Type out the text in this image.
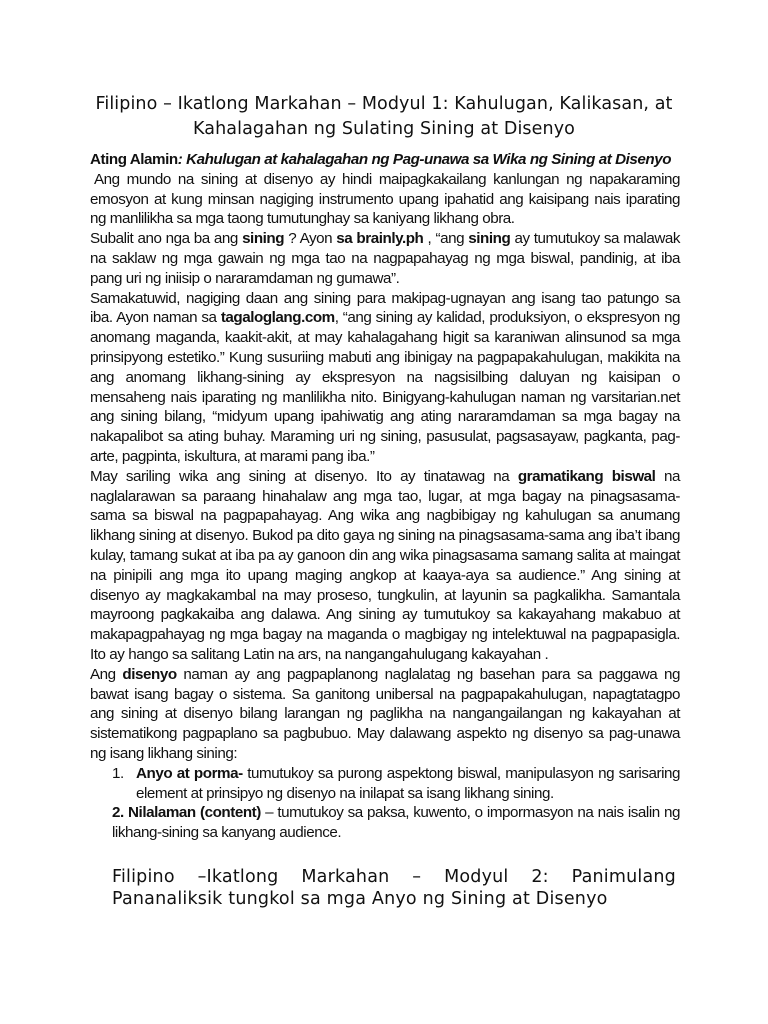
Filipino – Ikatlong Markahan – Modyul 1: Kahulugan, Kalikasan, at Kahalagahan ng Sulating Sining at Disenyo

Ating Alamin: Kahulugan at kahalagahan ng Pag-unawa sa Wika ng Sining at Disenyo

Ang mundo na sining at disenyo ay hindi maipagkakailang kanlungan ng napakaraming emosyon at kung minsan nagiging instrumento upang ipahatid ang kaisipang nais iparating ng manlilikha sa mga taong tumutunghay sa kaniyang likhang obra.

Subalit ano nga ba ang sining ? Ayon sa brainly.ph , “ang sining ay tumutukoy sa malawak na saklaw ng mga gawain ng mga tao na nagpapahayag ng mga biswal, pandinig, at iba pang uri ng iniisip o nararamdaman ng gumawa”.

Samakatuwid, nagiging daan ang sining para makipag-ugnayan ang isang tao patungo sa iba. Ayon naman sa tagaloglang.com, “ang sining ay kalidad, produksiyon, o ekspresyon ng anomang maganda, kaakit-akit, at may kahalagahang higit sa karaniwan alinsunod sa mga prinsipyong estetiko.” Kung susuriing mabuti ang ibinigay na pagpapakahulugan, makikita na ang anomang likhang-sining ay ekspresyon na nagsisilbing daluyan ng kaisipan o mensaheng nais iparating ng manlilikha nito. Binigyang-kahulugan naman ng varsitarian.net ang sining bilang, “midyum upang ipahiwatig ang ating nararamdaman sa mga bagay na nakapalibot sa ating buhay. Maraming uri ng sining, pasusulat, pagsasayaw, pagkanta, pag-arte, pagpinta, iskultura, at marami pang iba.”

May sariling wika ang sining at disenyo. Ito ay tinatawag na gramatikang biswal na naglalarawan sa paraang hinahalaw ang mga tao, lugar, at mga bagay na pinagsasama-sama sa biswal na pagpapahayag. Ang wika ang nagbibigay ng kahulugan sa anumang likhang sining at disenyo. Bukod pa dito gaya ng sining na pinagsasama-sama ang iba’t ibang kulay, tamang sukat at iba pa ay ganoon din ang wika pinagsasama samang salita at maingat na pinipili ang mga ito upang maging angkop at kaaya-aya sa audience.” Ang sining at disenyo ay magkakambal na may proseso, tungkulin, at layunin sa pagkalikha. Samantala mayroong pagkakaiba ang dalawa. Ang sining ay tumutukoy sa kakayahang makabuo at makapagpahayag ng mga bagay na maganda o magbigay ng intelektuwal na pagpapasigla. Ito ay hango sa salitang Latin na ars, na nangangahulugang kakayahan .

Ang disenyo naman ay ang pagpaplanong naglalatag ng basehan para sa paggawa ng bawat isang bagay o sistema. Sa ganitong unibersal na pagpapakahulugan, napagtatagpo ang sining at disenyo bilang larangan ng paglikha na nangangailangan ng kakayahan at sistematikong pagpaplano sa pagbubuo. May dalawang aspekto ng disenyo sa pag-unawa ng isang likhang sining:

1. Anyo at porma- tumutukoy sa purong aspektong biswal, manipulasyon ng sarisaring element at prinsipyo ng disenyo na inilapat sa isang likhang sining.

2. Nilalaman (content) – tumutukoy sa paksa, kuwento, o impormasyon na nais isalin ng likhang-sining sa kanyang audience.

Filipino –Ikatlong Markahan – Modyul 2: Panimulang
Pananaliksik tungkol sa mga Anyo ng Sining at Disenyo
